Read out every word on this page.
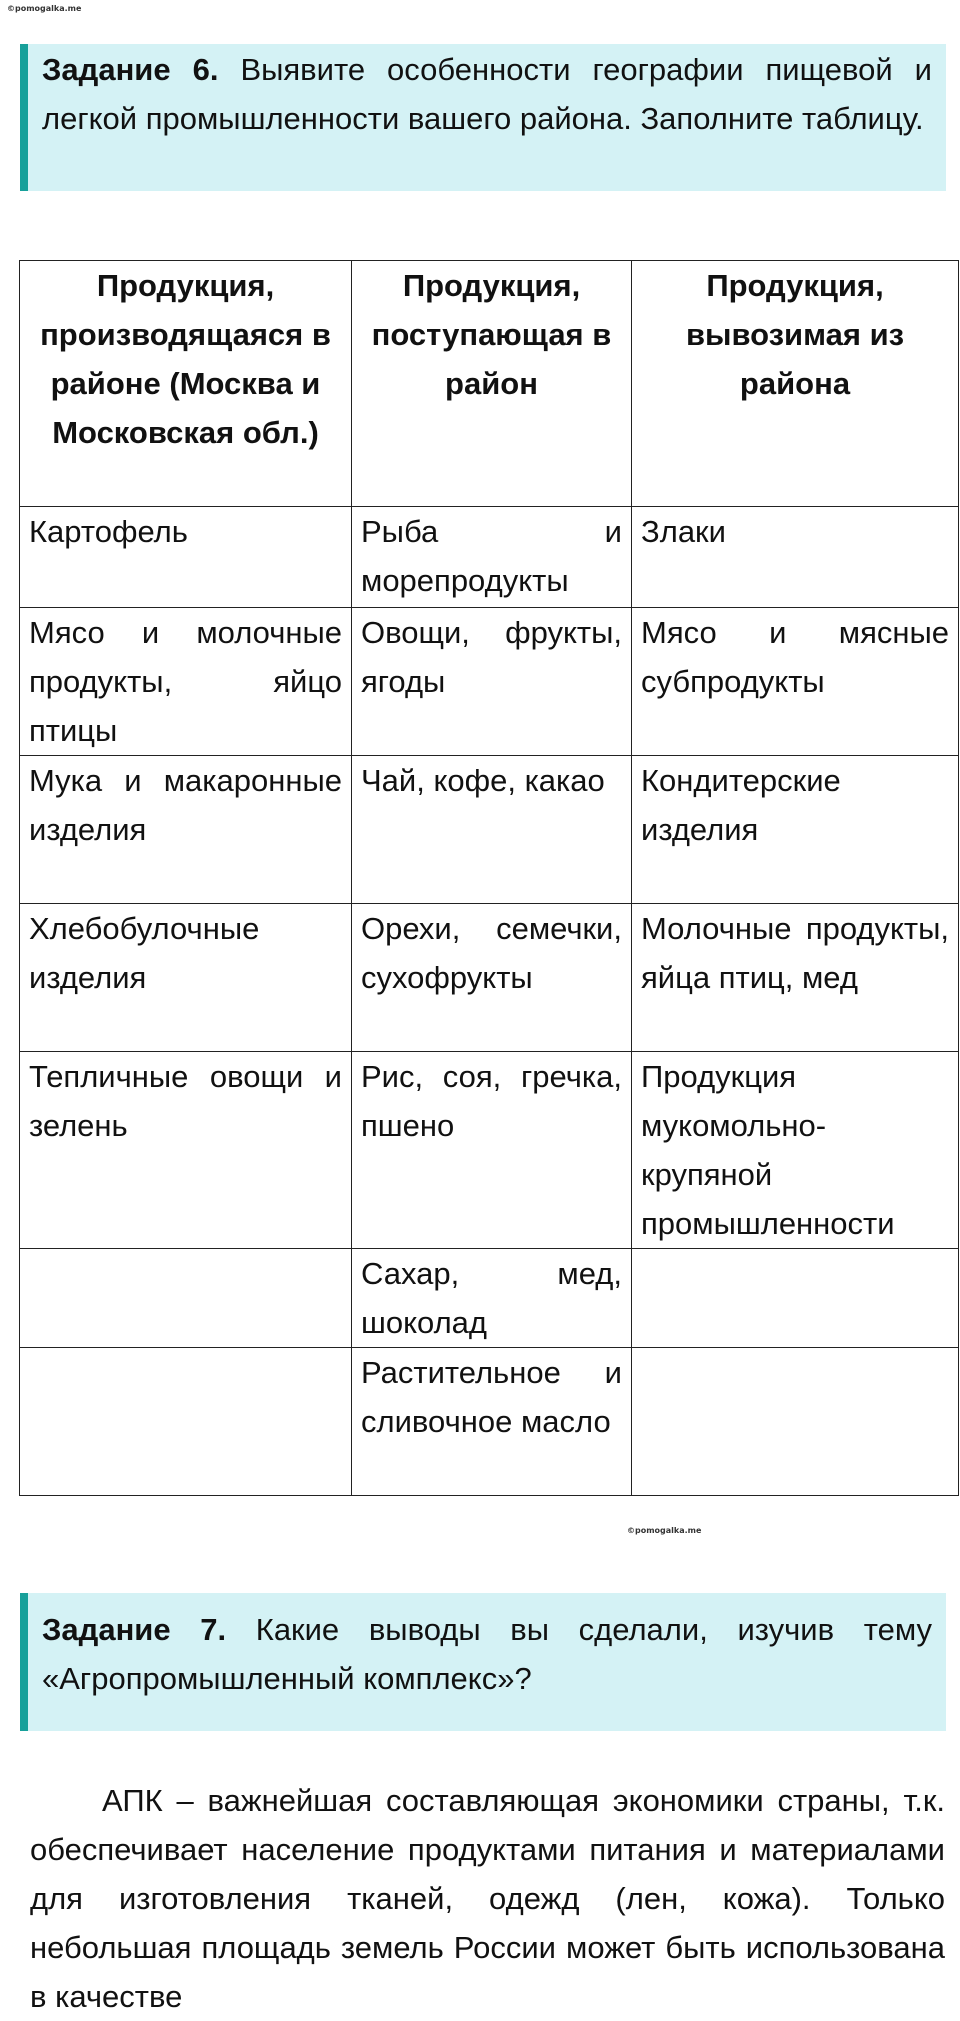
©pomogalka.me
Задание 6. Выявите особенности географии пищевой и легкой промышленности вашего района. Заполните таблицу.
Продукция, производящаяся в районе (Москва и Московская обл.)	Продукция, поступающая в район	Продукция, вывозимая из района
Картофель	Рыба и морепродукты	Злаки
Мясо и молочные продукты, яйцо птицы	Овощи, фрукты, ягоды	Мясо и мясные субпродукты
Мука и макаронные изделия	Чай, кофе, какао	Кондитерские изделия
Хлебобулочные изделия	Орехи, семечки, сухофрукты	Молочные продукты, яйца птиц, мед
Тепличные овощи и зелень	Рис, соя, гречка, пшено	Продукция мукомольно-крупяной промышленности
	Сахар, мед, шоколад	
	Растительное и сливочное масло	
©pomogalka.me
Задание 7. Какие выводы вы сделали, изучив тему «Агропромышленный комплекс»?

АПК – важнейшая составляющая экономики страны, т.к. обеспечивает население продуктами питания и материалами для изготовления тканей, одежд (лен, кожа). Только небольшая площадь земель России может быть использована в качестве
